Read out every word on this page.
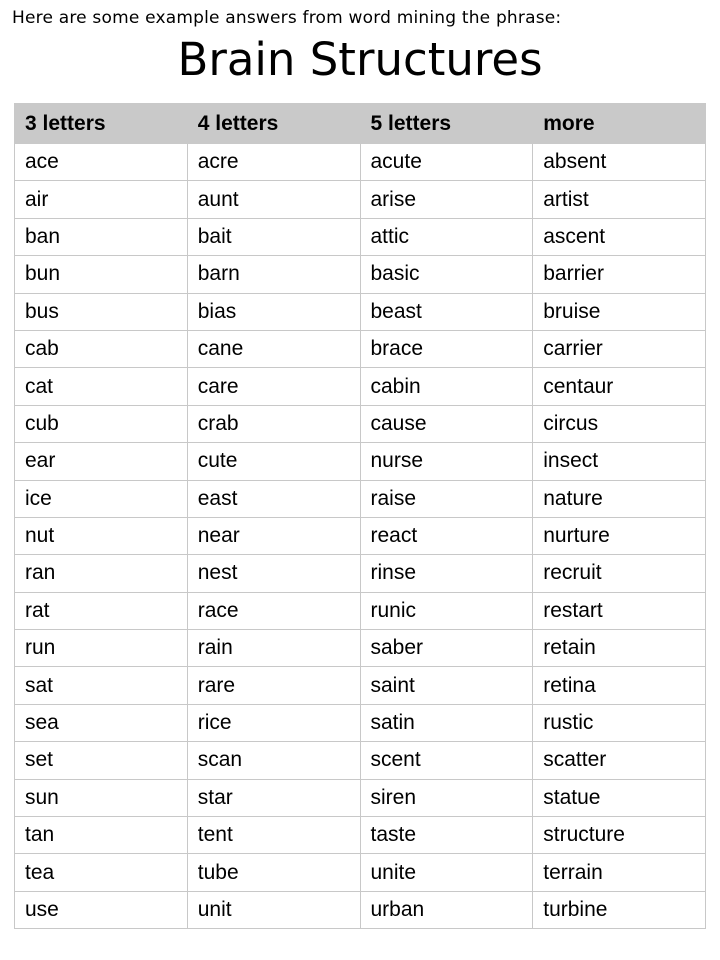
Here are some example answers from word mining the phrase:
Brain Structures
3 letters	4 letters	5 letters	more
ace	acre	acute	absent
air	aunt	arise	artist
ban	bait	attic	ascent
bun	barn	basic	barrier
bus	bias	beast	bruise
cab	cane	brace	carrier
cat	care	cabin	centaur
cub	crab	cause	circus
ear	cute	nurse	insect
ice	east	raise	nature
nut	near	react	nurture
ran	nest	rinse	recruit
rat	race	runic	restart
run	rain	saber	retain
sat	rare	saint	retina
sea	rice	satin	rustic
set	scan	scent	scatter
sun	star	siren	statue
tan	tent	taste	structure
tea	tube	unite	terrain
use	unit	urban	turbine
